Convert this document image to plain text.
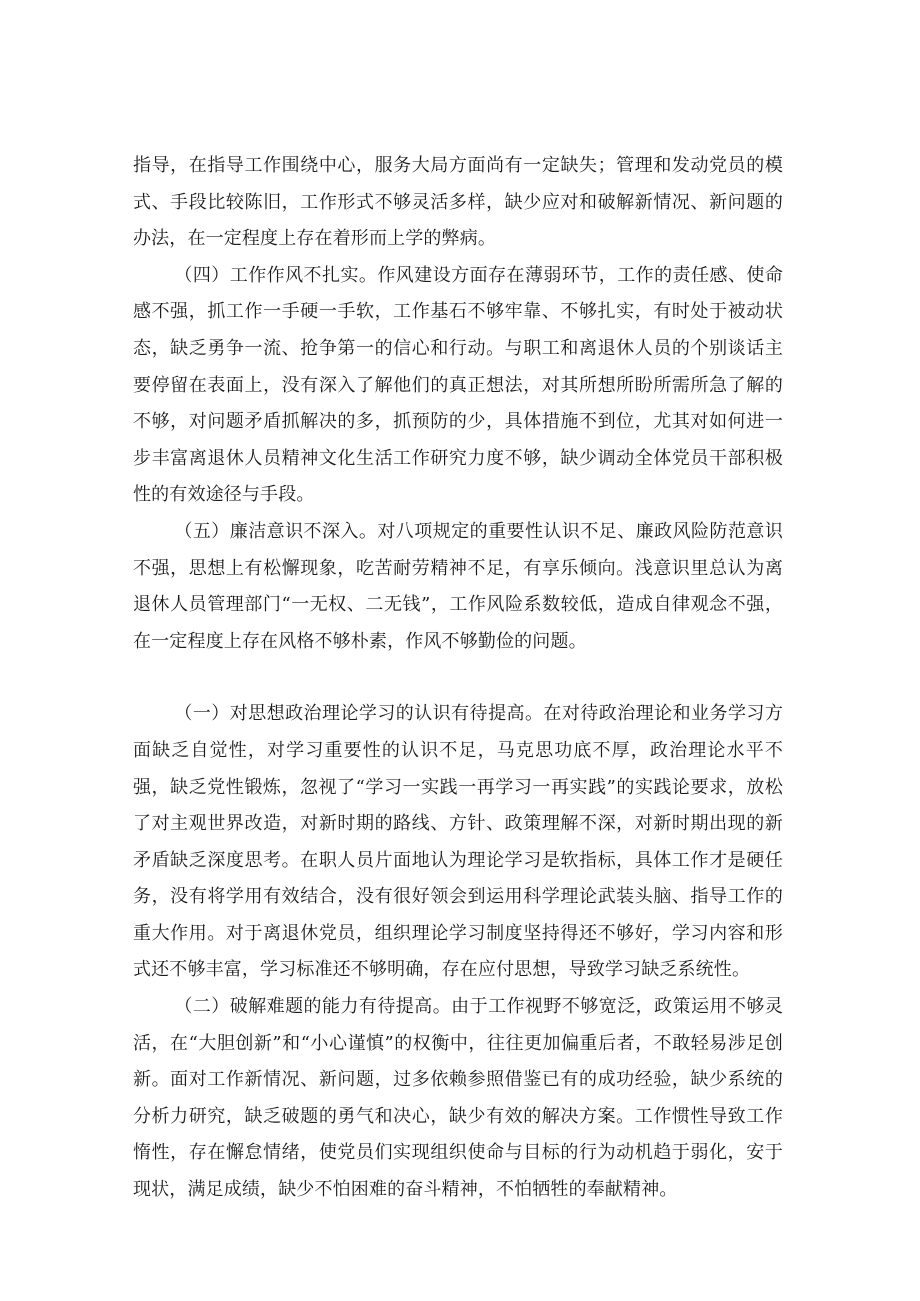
指导，在指导工作围绕中心，服务大局方面尚有一定缺失；管理和发动党员的模式、手段比较陈旧，工作形式不够灵活多样，缺少应对和破解新情况、新问题的办法，在一定程度上存在着形而上学的弊病。

（四）工作作风不扎实。作风建设方面存在薄弱环节，工作的责任感、使命感不强，抓工作一手硬一手软，工作基石不够牢靠、不够扎实，有时处于被动状态，缺乏勇争一流、抢争第一的信心和行动。与职工和离退休人员的个别谈话主要停留在表面上，没有深入了解他们的真正想法，对其所想所盼所需所急了解的不够，对问题矛盾抓解决的多，抓预防的少，具体措施不到位，尤其对如何进一步丰富离退休人员精神文化生活工作研究力度不够，缺少调动全体党员干部积极性的有效途径与手段。

（五）廉洁意识不深入。对八项规定的重要性认识不足、廉政风险防范意识不强，思想上有松懈现象，吃苦耐劳精神不足，有享乐倾向。浅意识里总认为离退休人员管理部门“一无权、二无钱”，工作风险系数较低，造成自律观念不强，在一定程度上存在风格不够朴素，作风不够勤俭的问题。

（一）对思想政治理论学习的认识有待提高。在对待政治理论和业务学习方面缺乏自觉性，对学习重要性的认识不足，马克思功底不厚，政治理论水平不强，缺乏党性锻炼，忽视了“学习一实践一再学习一再实践”的实践论要求，放松了对主观世界改造，对新时期的路线、方针、政策理解不深，对新时期出现的新矛盾缺乏深度思考。在职人员片面地认为理论学习是软指标，具体工作才是硬任务，没有将学用有效结合，没有很好领会到运用科学理论武装头脑、指导工作的重大作用。对于离退休党员，组织理论学习制度坚持得还不够好，学习内容和形式还不够丰富，学习标准还不够明确，存在应付思想，导致学习缺乏系统性。

（二）破解难题的能力有待提高。由于工作视野不够宽泛，政策运用不够灵活，在“大胆创新”和“小心谨慎”的权衡中，往往更加偏重后者，不敢轻易涉足创新。面对工作新情况、新问题，过多依赖参照借鉴已有的成功经验，缺少系统的分析力研究，缺乏破题的勇气和决心，缺少有效的解决方案。工作惯性导致工作惰性，存在懈怠情绪，使党员们实现组织使命与目标的行为动机趋于弱化，安于现状，满足成绩，缺少不怕困难的奋斗精神，不怕牺牲的奉献精神。
